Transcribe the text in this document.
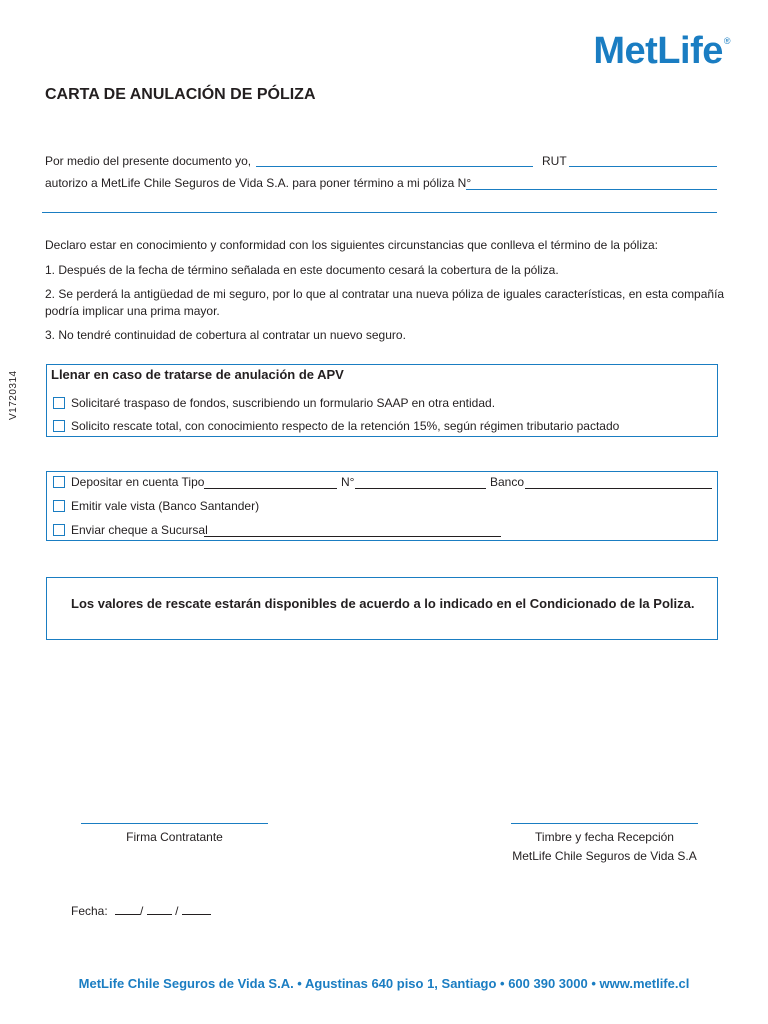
MetLife®
CARTA DE ANULACIÓN DE PÓLIZA
V1720314
Por medio del presente documento yo,	RUT
autorizo a MetLife Chile Seguros de Vida S.A. para poner término a mi póliza N°
Declaro estar en conocimiento y conformidad con los siguientes circunstancias que conlleva el término de la póliza:
1. Después de la fecha de término señalada en este documento cesará la cobertura de la póliza.
2. Se perderá la antigüedad de mi seguro, por lo que al contratar una nueva póliza de iguales características, en esta compañía
podría implicar una prima mayor.
3. No tendré continuidad de cobertura al contratar un nuevo seguro.
Llenar en caso de tratarse de anulación de APV
Solicitaré traspaso de fondos, suscribiendo un formulario SAAP en otra entidad.
Solicito rescate total, con conocimiento respecto de la retención 15%, según régimen tributario pactado
Depositar en cuenta Tipo	N°	Banco
Emitir vale vista (Banco Santander)
Enviar cheque a Sucursal
Los valores de rescate estarán disponibles de acuerdo a lo indicado en el Condicionado de la Poliza.
Firma Contratante	Timbre y fecha Recepción
MetLife Chile Seguros de Vida S.A
Fecha:	/	/
MetLife Chile Seguros de Vida S.A. • Agustinas 640 piso 1, Santiago • 600 390 3000 • www.metlife.cl
